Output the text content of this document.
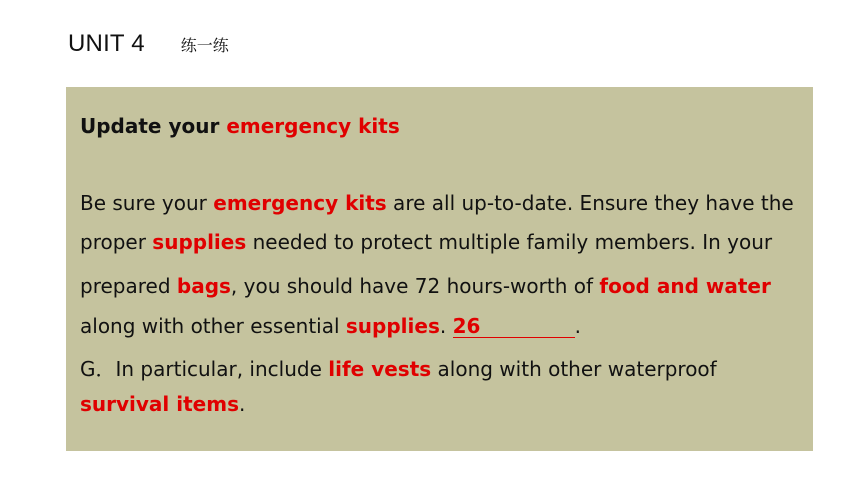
UNIT 4 练一练
Update your emergency kits
Be sure your emergency kits are all up-to-date. Ensure they have the
proper supplies needed to protect multiple family members. In your
prepared bags, you should have 72 hours-worth of food and water
along with other essential supplies. 26	.
G．In particular, include life vests along with other waterproof
survival items.
